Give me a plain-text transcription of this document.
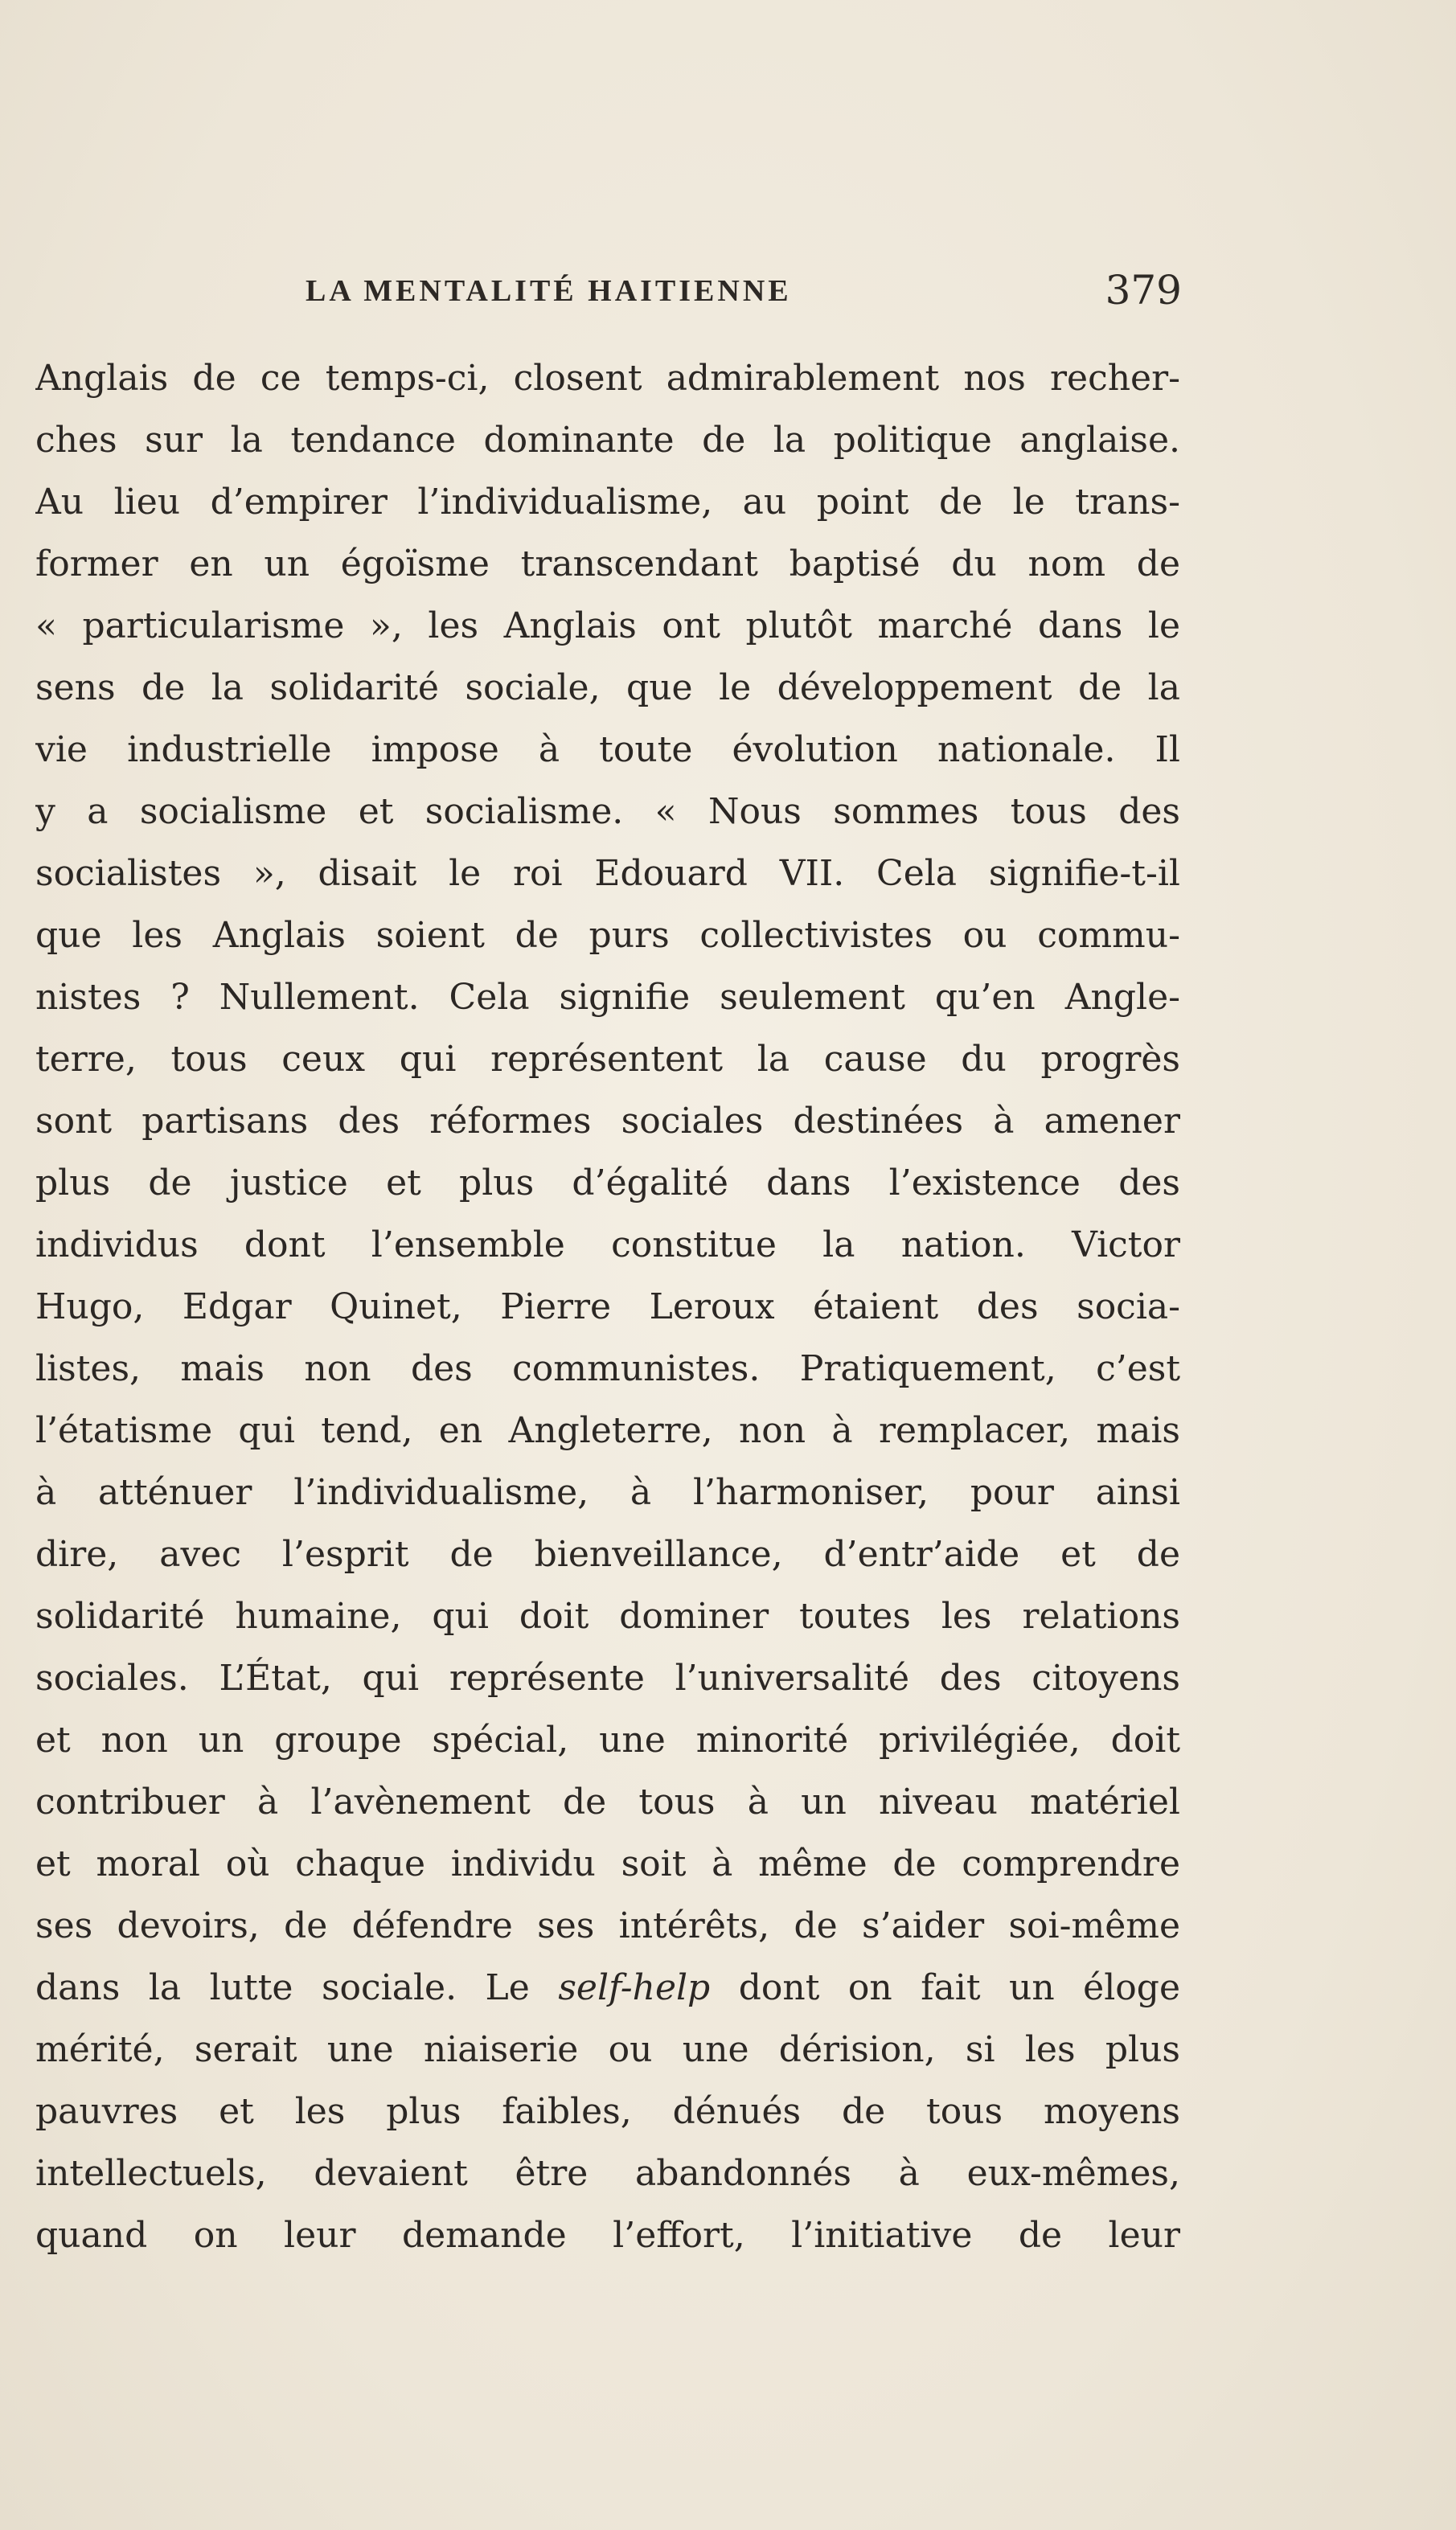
LA MENTALITÉ HAITIENNE	379
Anglais de ce temps-ci, closent admirablement nos recher-
ches sur la tendance dominante de la politique anglaise.
Au lieu d’empirer l’individualisme, au point de le trans-
former en un égoïsme transcendant baptisé du nom de
« particularisme », les Anglais ont plutôt marché dans le
sens de la solidarité sociale, que le développement de la
vie industrielle impose à toute évolution nationale. Il
y a socialisme et socialisme. « Nous sommes tous des
socialistes », disait le roi Edouard VII. Cela signifie-t-il
que les Anglais soient de purs collectivistes ou commu-
nistes ? Nullement. Cela signifie seulement qu’en Angle-
terre, tous ceux qui représentent la cause du progrès
sont partisans des réformes sociales destinées à amener
plus de justice et plus d’égalité dans l’existence des
individus dont l’ensemble constitue la nation. Victor
Hugo, Edgar Quinet, Pierre Leroux étaient des socia-
listes, mais non des communistes. Pratiquement, c’est
l’étatisme qui tend, en Angleterre, non à remplacer, mais
à atténuer l’individualisme, à l’harmoniser, pour ainsi
dire, avec l’esprit de bienveillance, d’entr’aide et de
solidarité humaine, qui doit dominer toutes les relations
sociales. L’État, qui représente l’universalité des citoyens
et non un groupe spécial, une minorité privilégiée, doit
contribuer à l’avènement de tous à un niveau matériel
et moral où chaque individu soit à même de comprendre
ses devoirs, de défendre ses intérêts, de s’aider soi-même
dans la lutte sociale. Le self-help dont on fait un éloge
mérité, serait une niaiserie ou une dérision, si les plus
pauvres et les plus faibles, dénués de tous moyens
intellectuels, devaient être abandonnés à eux-mêmes,
quand on leur demande l’effort, l’initiative de leur
